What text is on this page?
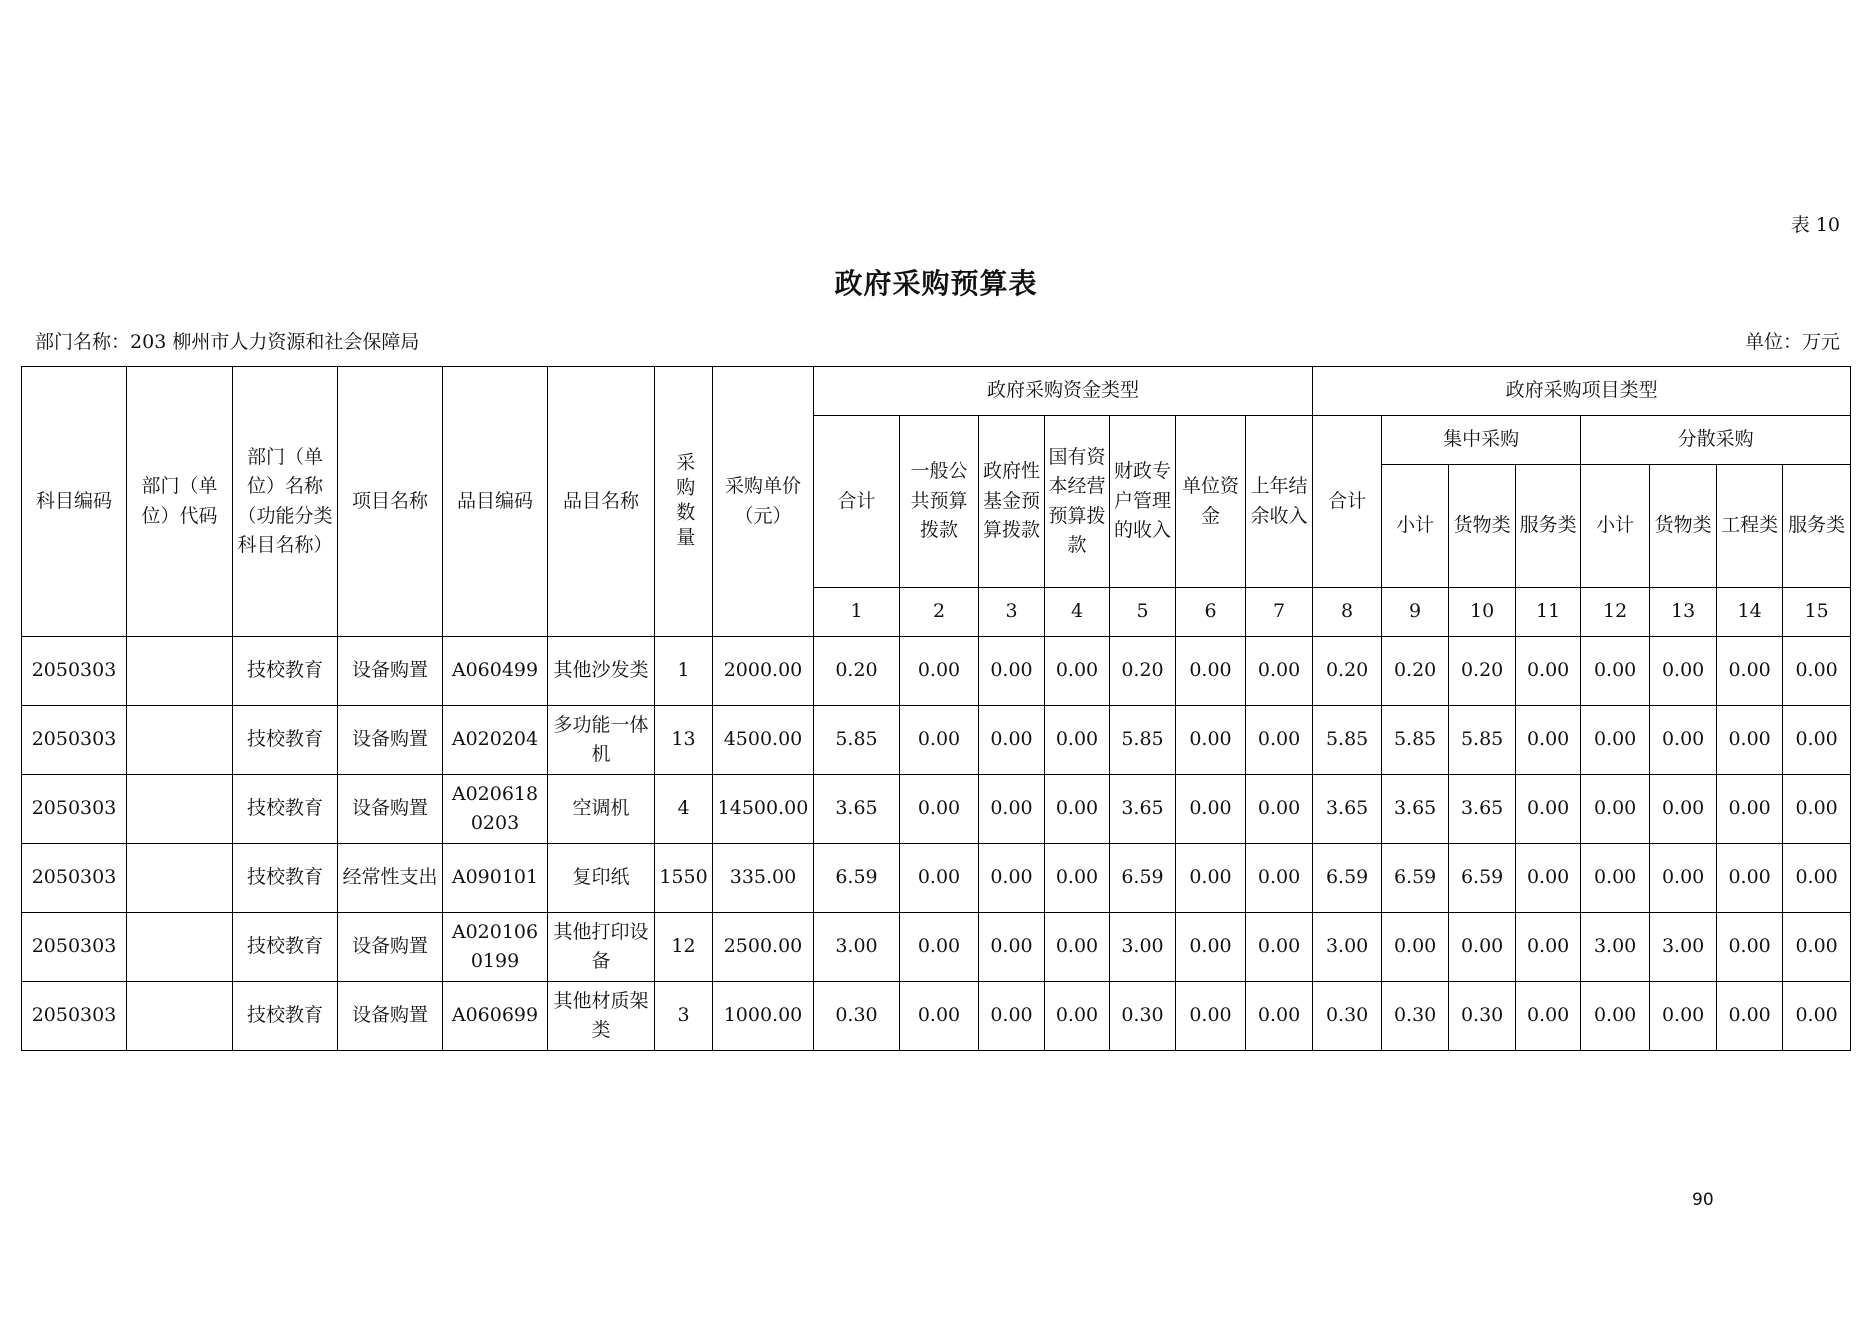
表 10
政府采购预算表
部门名称：203 柳州市人力资源和社会保障局	单位：万元
科目编码	部门（单位）代码	部门（单位）名称（功能分类科目名称）	项目名称	品目编码	品目名称	采购数量	采购单价（元）	政府采购资金类型							政府采购项目类型							
								合计	一般公共预算拨款	政府性基金预算拨款	国有资本经营预算拨款	财政专户管理的收入	单位资金	上年结余收入	合计	集中采购			分散采购			
																小计	货物类	服务类	小计	货物类	工程类	服务类
								1	2	3	4	5	6	7	8	9	10	11	12	13	14	15
2050303		技校教育	设备购置	A060499	其他沙发类	1	2000.00	0.20	0.00	0.00	0.00	0.20	0.00	0.00	0.20	0.20	0.20	0.00	0.00	0.00	0.00	0.00
2050303		技校教育	设备购置	A020204	多功能一体机	13	4500.00	5.85	0.00	0.00	0.00	5.85	0.00	0.00	5.85	5.85	5.85	0.00	0.00	0.00	0.00	0.00
2050303		技校教育	设备购置	A0206180203	空调机	4	14500.00	3.65	0.00	0.00	0.00	3.65	0.00	0.00	3.65	3.65	3.65	0.00	0.00	0.00	0.00	0.00
2050303		技校教育	经常性支出	A090101	复印纸	1550	335.00	6.59	0.00	0.00	0.00	6.59	0.00	0.00	6.59	6.59	6.59	0.00	0.00	0.00	0.00	0.00
2050303		技校教育	设备购置	A0201060199	其他打印设备	12	2500.00	3.00	0.00	0.00	0.00	3.00	0.00	0.00	3.00	0.00	0.00	0.00	3.00	3.00	0.00	0.00
2050303		技校教育	设备购置	A060699	其他材质架类	3	1000.00	0.30	0.00	0.00	0.00	0.30	0.00	0.00	0.30	0.30	0.30	0.00	0.00	0.00	0.00	0.00
90
